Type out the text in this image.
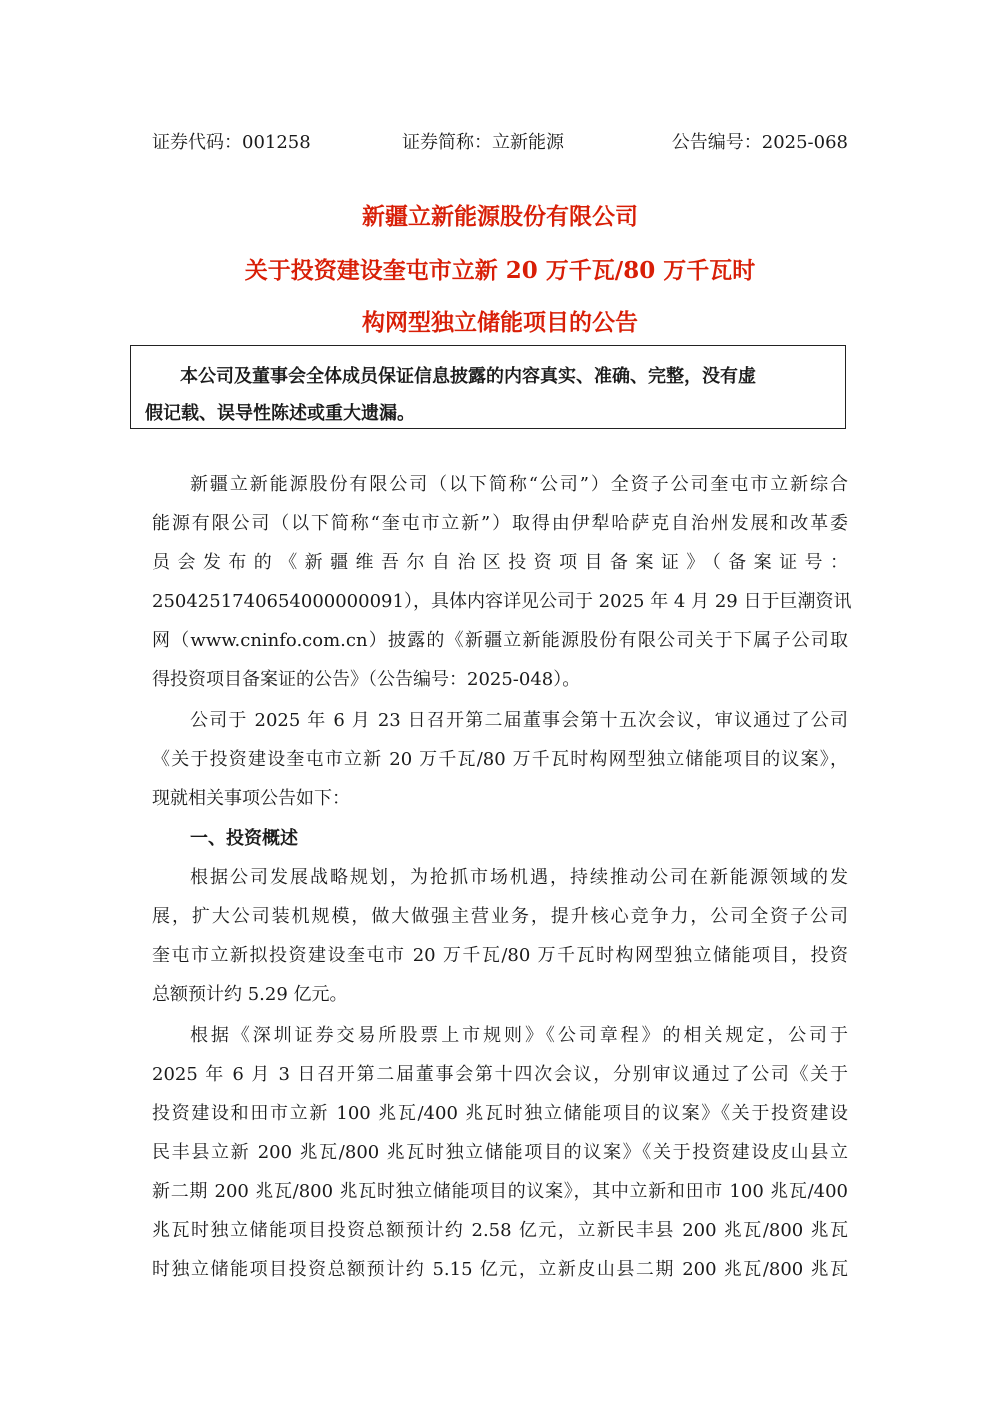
证券代码：001258	证券简称：立新能源	公告编号：2025-068
新疆立新能源股份有限公司
关于投资建设奎屯市立新 20 万千瓦/80 万千瓦时
构网型独立储能项目的公告
本公司及董事会全体成员保证信息披露的内容真实、准确、完整，没有虚
假记载、误导性陈述或重大遗漏。
新疆立新能源股份有限公司（以下简称“公司”）全资子公司奎屯市立新综合
能源有限公司（以下简称“奎屯市立新”）取得由伊犁哈萨克自治州发展和改革委
员会发布的《新疆维吾尔自治区投资项目备案证》（备案证号：
2504251740654000000091），具体内容详见公司于 2025 年 4 月 29 日于巨潮资讯
网（www.cninfo.com.cn）披露的《新疆立新能源股份有限公司关于下属子公司取
得投资项目备案证的公告》（公告编号：2025-048）。
公司于 2025 年 6 月 23 日召开第二届董事会第十五次会议，审议通过了公司
《关于投资建设奎屯市立新 20 万千瓦/80 万千瓦时构网型独立储能项目的议案》，
现就相关事项公告如下：
一、投资概述
根据公司发展战略规划，为抢抓市场机遇，持续推动公司在新能源领域的发
展，扩大公司装机规模，做大做强主营业务，提升核心竞争力，公司全资子公司
奎屯市立新拟投资建设奎屯市 20 万千瓦/80 万千瓦时构网型独立储能项目，投资
总额预计约 5.29 亿元。
根据《深圳证券交易所股票上市规则》《公司章程》的相关规定，公司于
2025 年 6 月 3 日召开第二届董事会第十四次会议，分别审议通过了公司《关于
投资建设和田市立新 100 兆瓦/400 兆瓦时独立储能项目的议案》《关于投资建设
民丰县立新 200 兆瓦/800 兆瓦时独立储能项目的议案》《关于投资建设皮山县立
新二期 200 兆瓦/800 兆瓦时独立储能项目的议案》，其中立新和田市 100 兆瓦/400
兆瓦时独立储能项目投资总额预计约 2.58 亿元，立新民丰县 200 兆瓦/800 兆瓦
时独立储能项目投资总额预计约 5.15 亿元，立新皮山县二期 200 兆瓦/800 兆瓦
